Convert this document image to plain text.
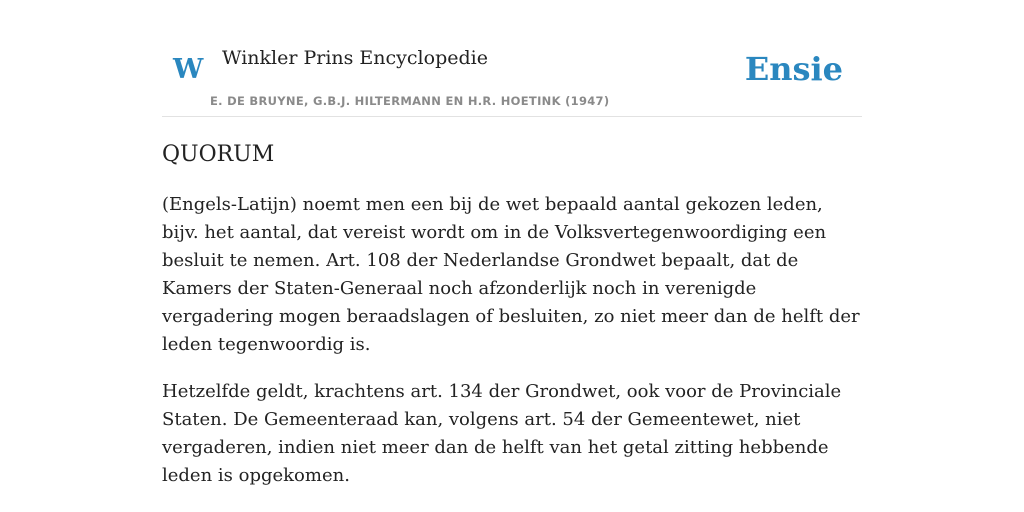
W Winkler Prins Encyclopedie
E. DE BRUYNE, G.B.J. HILTERMANN EN H.R. HOETINK (1947)
Ensie
QUORUM

(Engels-Latijn) noemt men een bij de wet bepaald aantal gekozen leden, bijv. het aantal, dat vereist wordt om in de Volksvertegenwoordiging een besluit te nemen. Art. 108 der Nederlandse Grondwet bepaalt, dat de Kamers der Staten-Generaal noch afzonderlijk noch in verenigde vergadering mogen beraadslagen of besluiten, zo niet meer dan de helft der leden tegenwoordig is.

Hetzelfde geldt, krachtens art. 134 der Grondwet, ook voor de Provinciale Staten. De Gemeenteraad kan, volgens art. 54 der Gemeentewet, niet vergaderen, indien niet meer dan de helft van het getal zitting hebbende leden is opgekomen.
